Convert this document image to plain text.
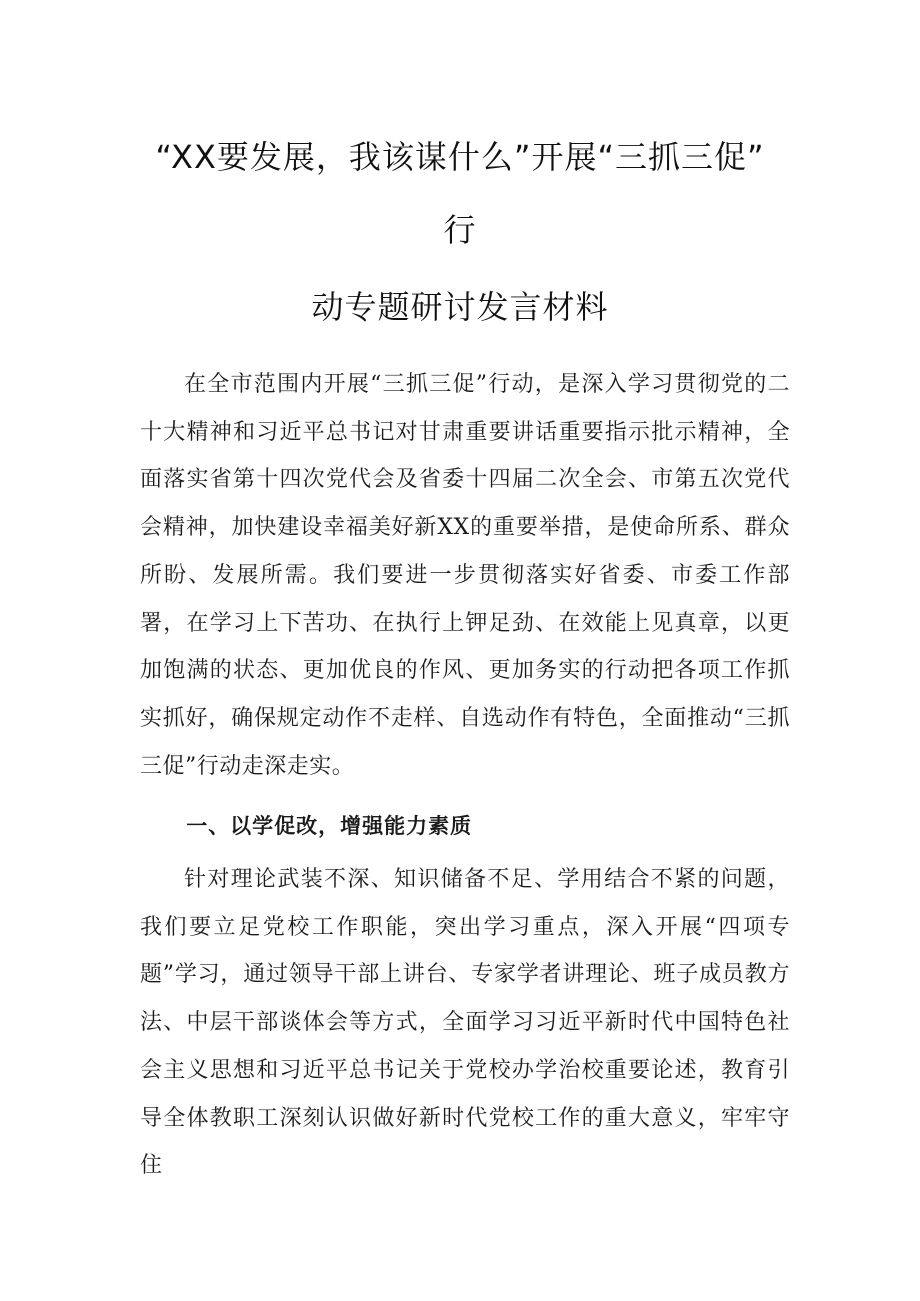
“XX要发展，我该谋什么”开展“三抓三促”
行
动专题研讨发言材料

在全市范围内开展“三抓三促”行动，是深入学习贯彻党的二十大精神和习近平总书记对甘肃重要讲话重要指示批示精神，全面落实省第十四次党代会及省委十四届二次全会、市第五次党代会精神，加快建设幸福美好新XX的重要举措，是使命所系、群众所盼、发展所需。我们要进一步贯彻落实好省委、市委工作部署，在学习上下苦功、在执行上钾足劲、在效能上见真章，以更加饱满的状态、更加优良的作风、更加务实的行动把各项工作抓实抓好，确保规定动作不走样、自选动作有特色，全面推动“三抓三促”行动走深走实。

一、以学促改，增强能力素质

针对理论武装不深、知识储备不足、学用结合不紧的问题，我们要立足党校工作职能，突出学习重点，深入开展“四项专题”学习，通过领导干部上讲台、专家学者讲理论、班子成员教方法、中层干部谈体会等方式，全面学习习近平新时代中国特色社会主义思想和习近平总书记关于党校办学治校重要论述，教育引导全体教职工深刻认识做好新时代党校工作的重大意义，牢牢守住
